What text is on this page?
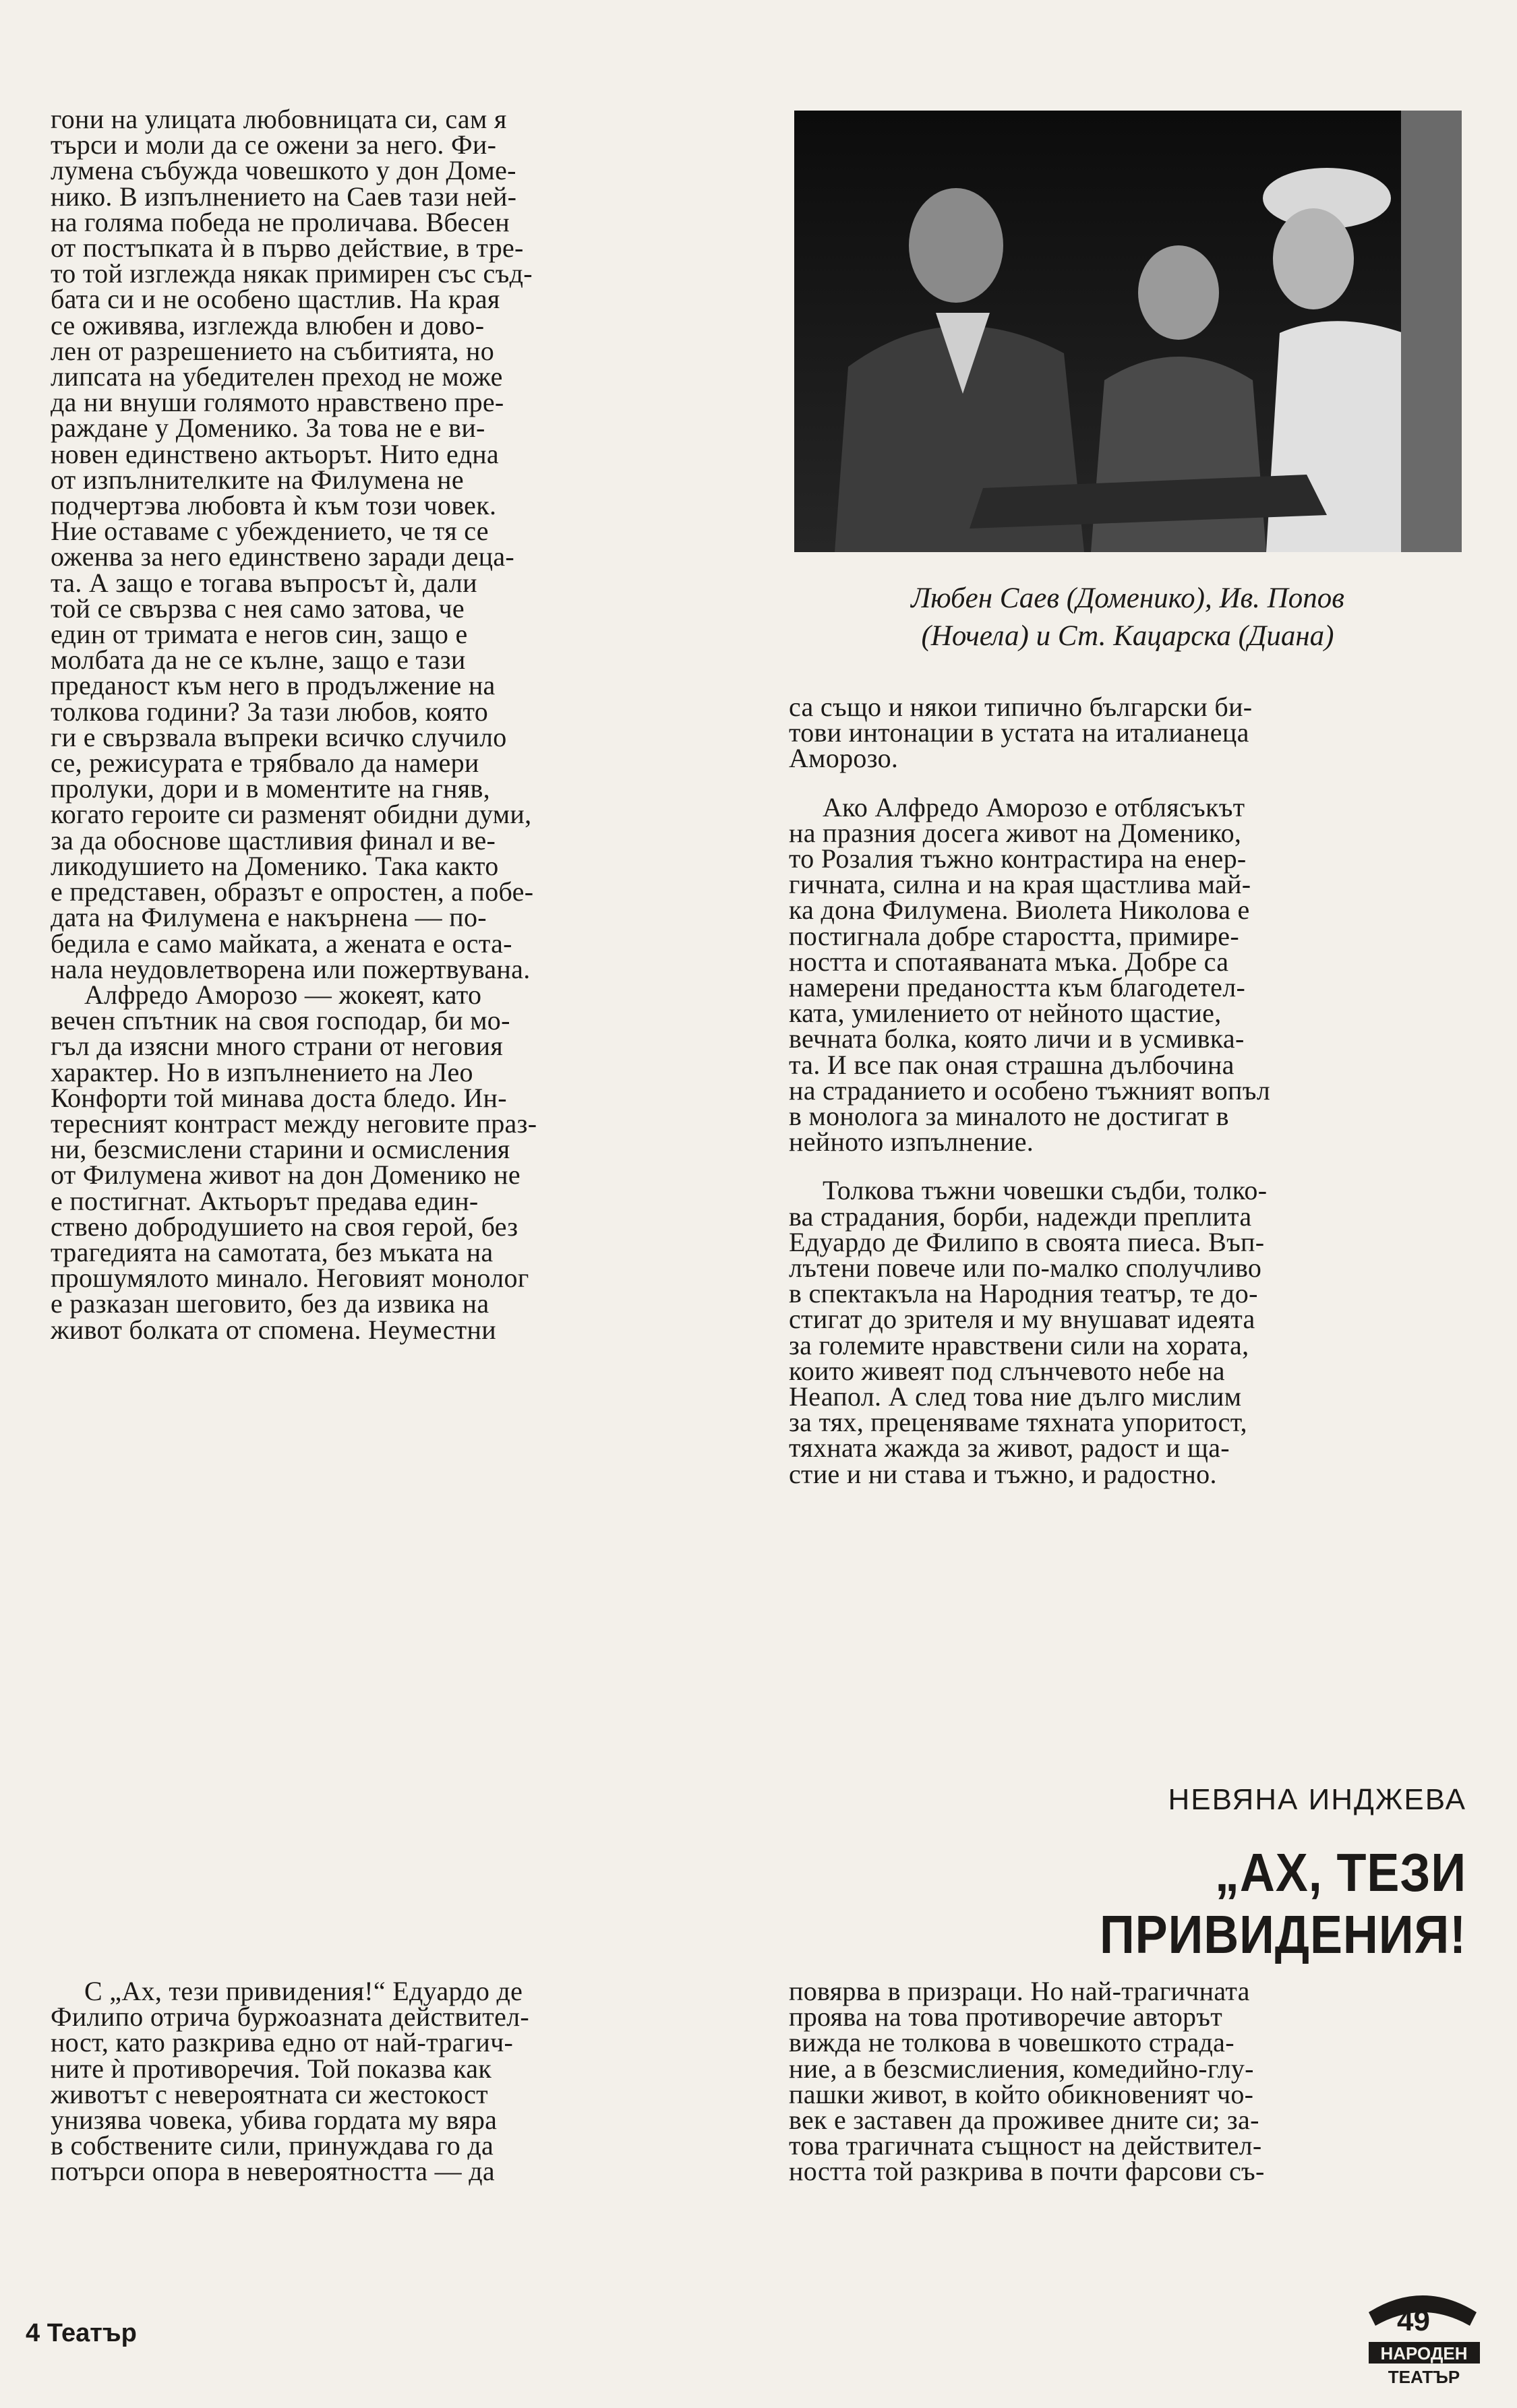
гони на улицата любовницата си, сам я
търси и моли да се ожени за него. Фи-
лумена събужда човешкото у дон Доме-
нико. В изпълнението на Саев тази ней-
на голяма победа не проличава. Вбесен
от постъпката ѝ в първо действие, в тре-
то той изглежда някак примирен със съд-
бата си и не особено щастлив. На края
се оживява, изглежда влюбен и дово-
лен от разрешението на събитията, но
липсата на убедителен преход не може
да ни внуши голямото нравствено пре-
раждане у Доменико. За това не е ви-
новен единствено актьорът. Нито една
от изпълнителките на Филумена не
подчертэва любовта ѝ към този човек.
Ние оставаме с убеждението, че тя се
оженва за него единствено заради деца-
та. А защо е тогава въпросът ѝ, дали
той се свързва с нея само затова, че
един от тримата е негов син, защо е
молбата да не се кълне, защо е тази
преданост към него в продължение на
толкова години? За тази любов, която
ги е свързвала въпреки всичко случило
се, режисурата е трябвало да намери
пролуки, дори и в моментите на гняв,
когато героите си разменят обидни думи,
за да обоснове щастливия финал и ве-
ликодушието на Доменико. Така както
е представен, образът е опростен, а побе-
дата на Филумена е накърнена — по-
бедила е само майката, а жената е оста-
нала неудовлетворена или пожертвувана.

Алфредо Аморозо — жокеят, като
вечен спътник на своя господар, би мо-
гъл да изясни много страни от неговия
характер. Но в изпълнението на Лео
Конфорти той минава доста бледо. Ин-
тересният контраст между неговите праз-
ни, безсмислени старини и осмисления
от Филумена живот на дон Доменико не
е постигнат. Актьорът предава един-
ствено добродушието на своя герой, без
трагедията на самотата, без мъката на
прошумялото минало. Неговият монолог
е разказан шеговито, без да извика на
живот болката от спомена. Неуместни

Любен Саев (Доменико), Ив. Попов

(Ночела) и Ст. Кацарска (Диана)

са също и някои типично български би-
тови интонации в устата на италианеца
Аморозо.

Ако Алфредо Аморозо е отблясъкът
на празния досега живот на Доменико,
то Розалия тъжно контрастира на енер-
гичната, силна и на края щастлива май-
ка дона Филумена. Виолета Николова е
постигнала добре старостта, примире-
ността и спотаяваната мъка. Добре са
намерени предаността към благодетел-
ката, умилението от нейното щастие,
вечната болка, която личи и в усмивка-
та. И все пак оная страшна дълбочина
на страданието и особено тъжният вопъл
в монолога за миналото не достигат в
нейното изпълнение.

Толкова тъжни човешки съдби, толко-
ва страдания, борби, надежди преплита
Едуардо де Филипо в своята пиеса. Въп-
лътени повече или по-малко сполучливо
в спектакъла на Народния театър, те до-
стигат до зрителя и му внушават идеята
за големите нравствени сили на хората,
които живеят под слънчевото небе на
Неапол. А след това ние дълго мислим
за тях, преценяваме тяхната упоритост,
тяхната жажда за живот, радост и ща-
стие и ни става и тъжно, и радостно.

НЕВЯНА ИНДЖЕВА
„АХ, ТЕЗИ ПРИВИДЕНИЯ!

С „Ах, тези привидения!“ Едуардо де
Филипо отрича буржоазната действител-
ност, като разкрива едно от най-трагич-
ните ѝ противоречия. Той показва как
животът с невероятната си жестокост
унизява човека, убива гордата му вяра
в собствените сили, принуждава го да
потърси опора в невероятността — да

повярва в призраци. Но най-трагичната
проява на това противоречие авторът
вижда не толкова в човешкото страда-
ние, а в безсмислиения, комедийно-глу-
пашки живот, в който обикновеният чо-
век е заставен да проживее дните си; за-
това трагичната същност на действител-
ността той разкрива в почти фарсови съ-

4 Театър
НАРОДЕН
ТЕАТЪР
49
